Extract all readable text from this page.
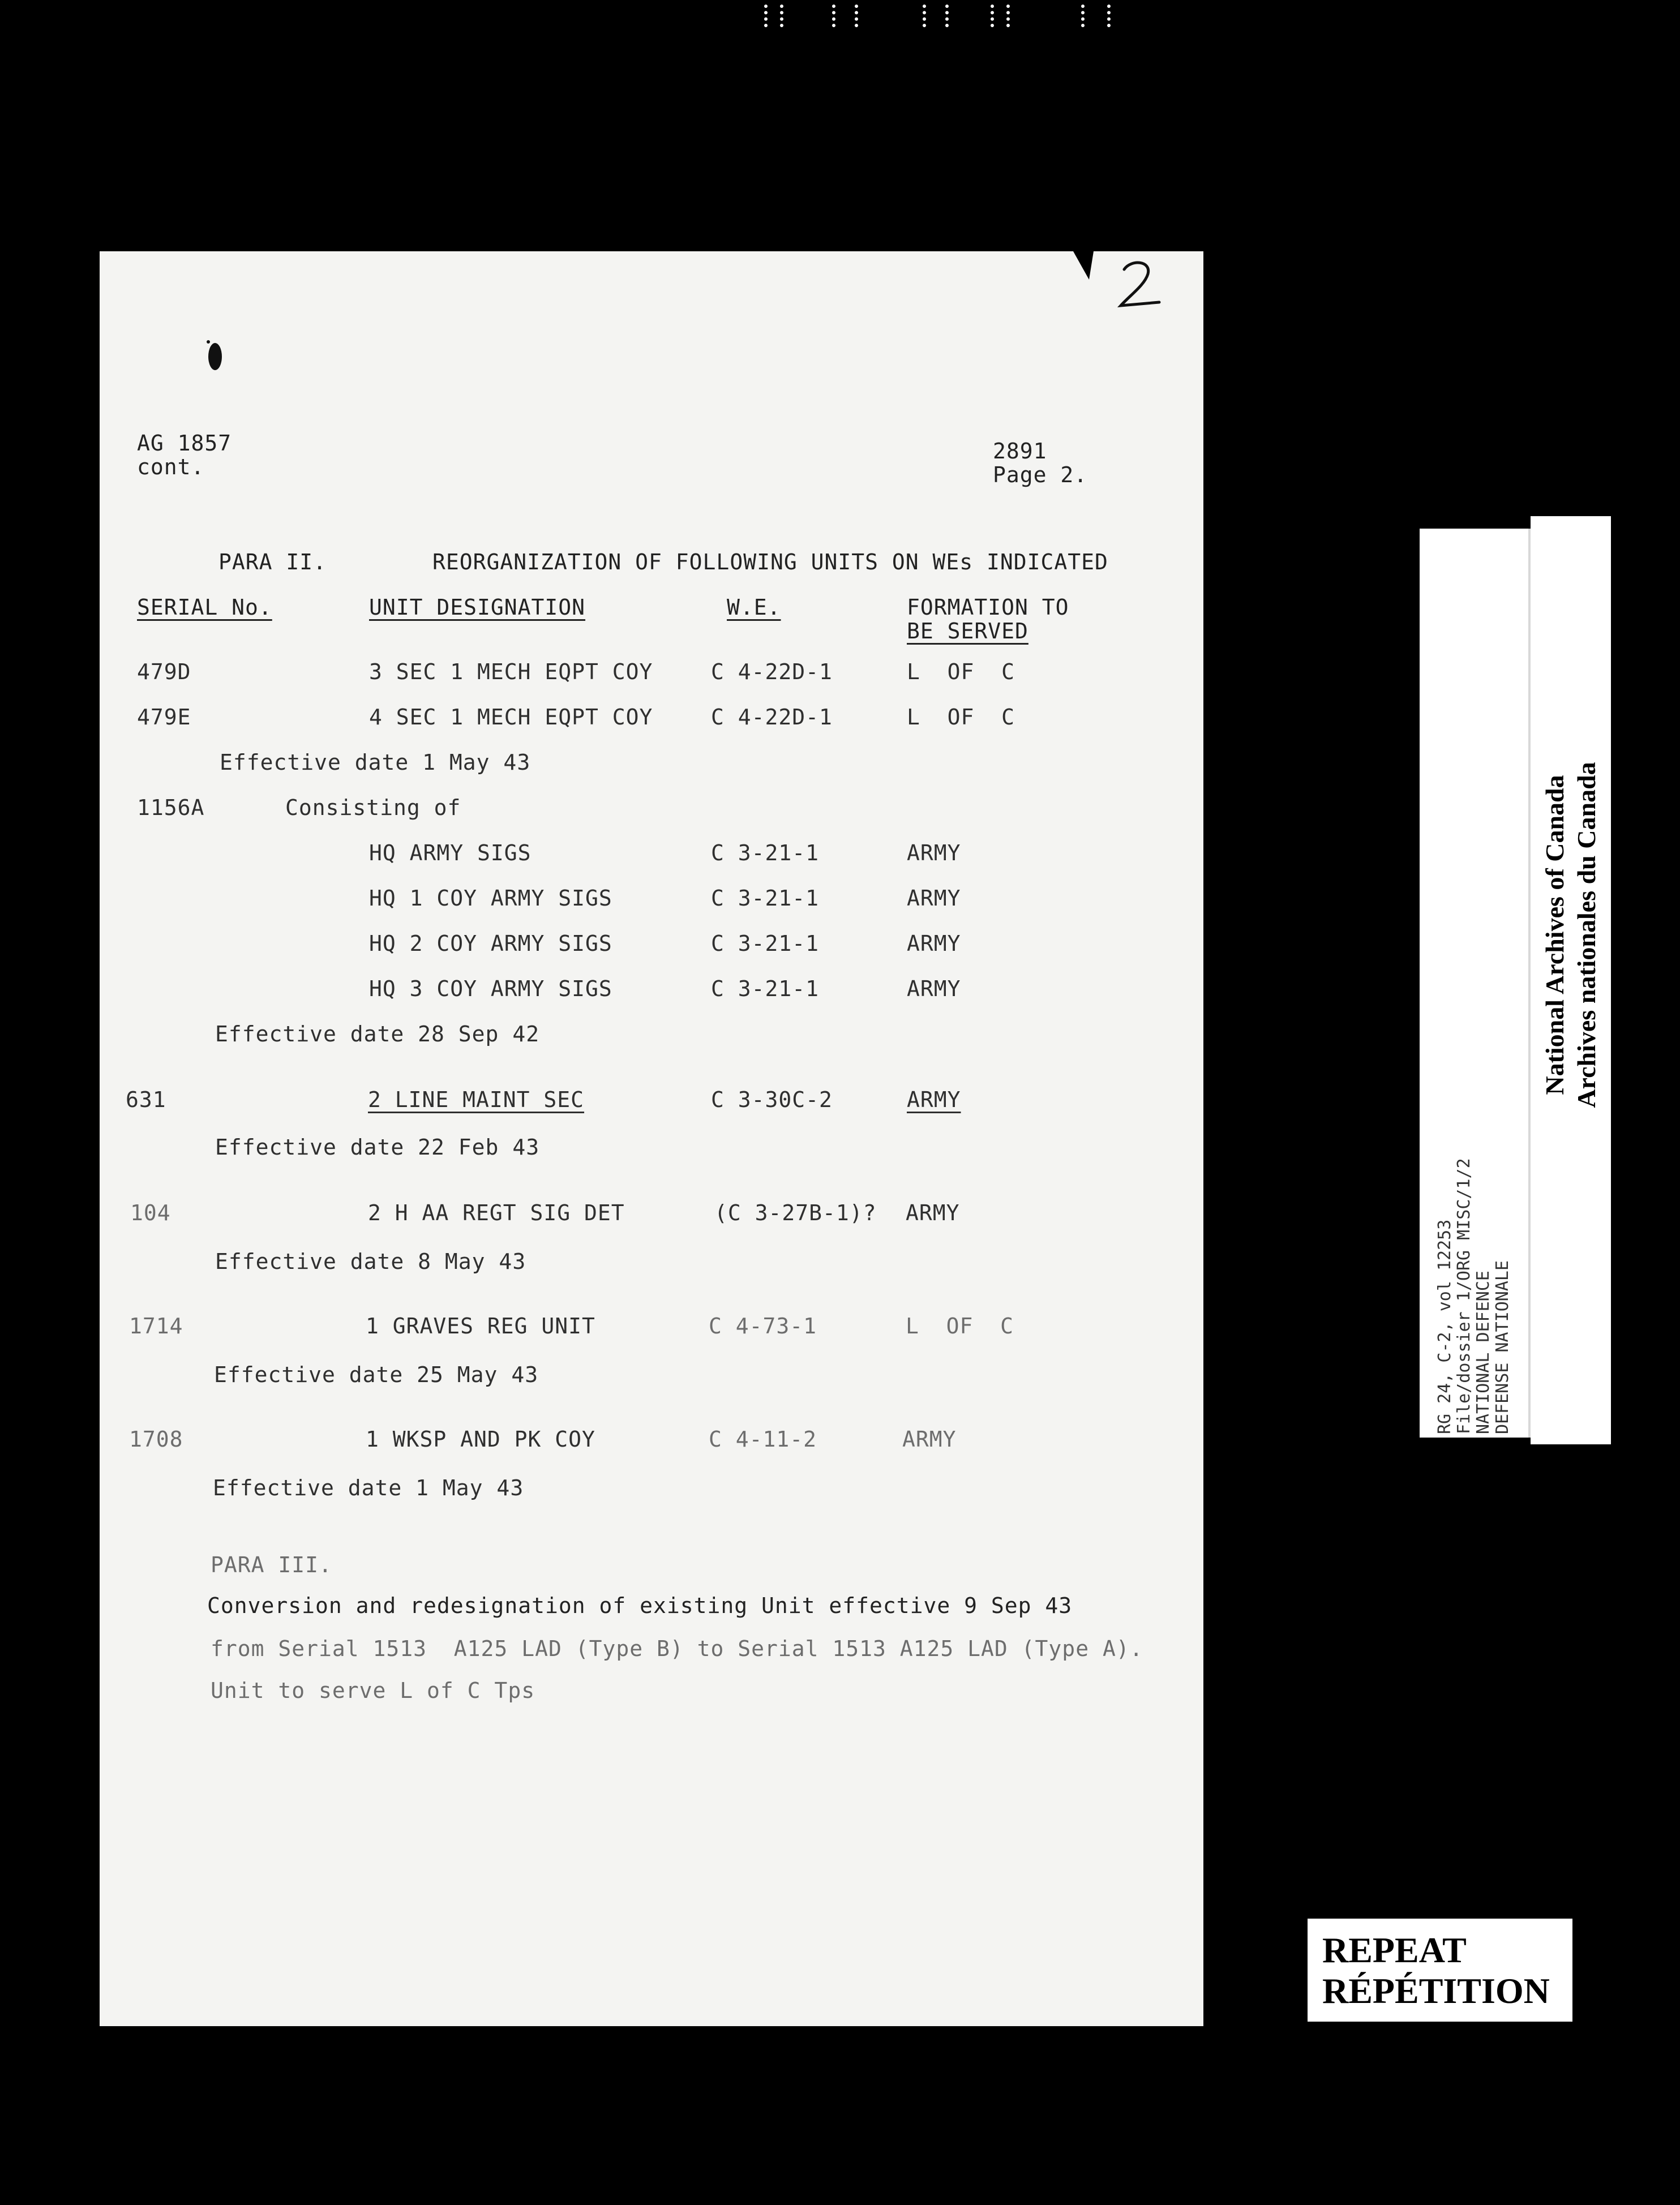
AG 1857
cont.
2891
Page 2.
PARA II.	REORGANIZATION OF FOLLOWING UNITS ON WEs INDICATED
SERIAL No.	UNIT DESIGNATION	W.E.	FORMATION TO
BE SERVED
479D	3 SEC 1 MECH EQPT COY	C 4-22D-1	L  OF  C
479E	4 SEC 1 MECH EQPT COY	C 4-22D-1	L  OF  C
Effective date 1 May 43
1156A	Consisting of
HQ ARMY SIGS	C 3-21-1	ARMY
HQ 1 COY ARMY SIGS	C 3-21-1	ARMY
HQ 2 COY ARMY SIGS	C 3-21-1	ARMY
HQ 3 COY ARMY SIGS	C 3-21-1	ARMY
Effective date 28 Sep 42
631	2 LINE MAINT SEC	C 3-30C-2	ARMY
Effective date 22 Feb 43
104	2 H AA REGT SIG DET	(C 3-27B-1)? ARMY
Effective date 8 May 43
1714	1 GRAVES REG UNIT	C 4-73-1	L  OF  C
Effective date 25 May 43
1708	1 WKSP AND PK COY	C 4-11-2	ARMY
Effective date 1 May 43
PARA III.
Conversion and redesignation of existing Unit effective 9 Sep 43
from Serial 1513  A125 LAD (Type B) to Serial 1513 A125 LAD (Type A).
Unit to serve L of C Tps
RG 24, C-2, vol 12253 File/dossier 1/ORG MISC/1/2 NATIONAL DEFENCE DEFENSE NATIONALE
National Archives of Canada Archives nationales du Canada
REPEAT
RÉPÉTITION
